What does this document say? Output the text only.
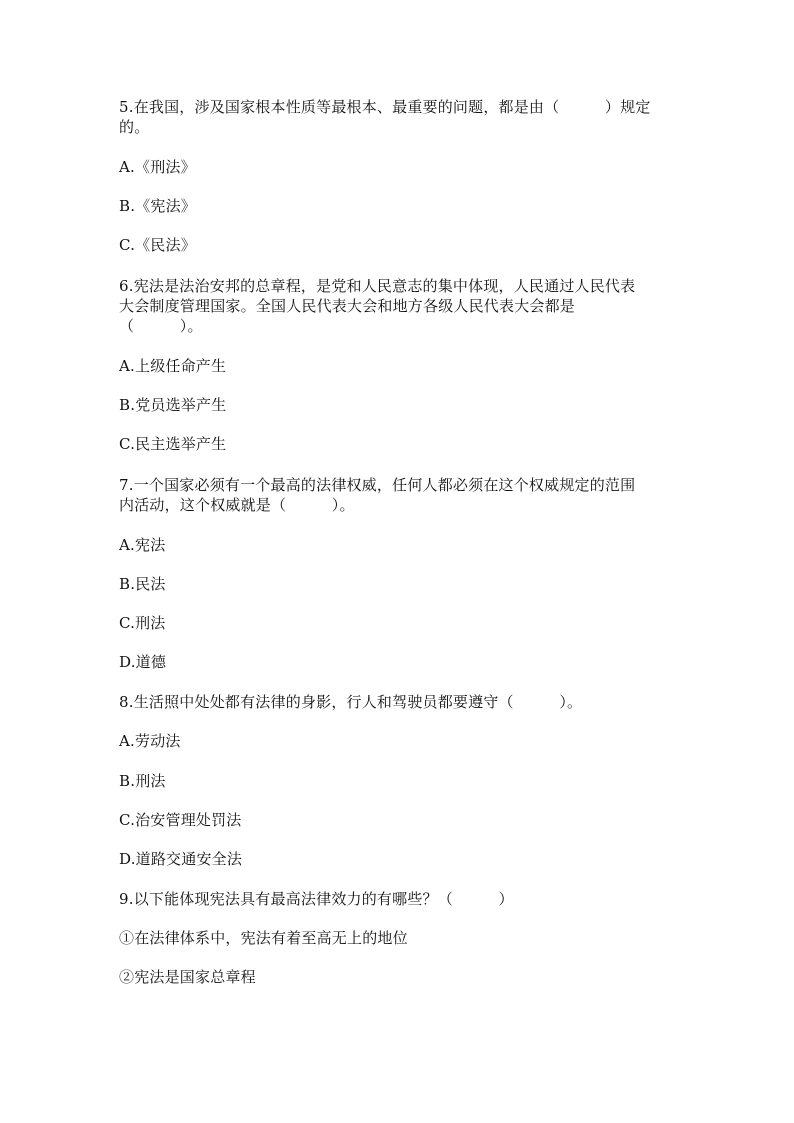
5.在我国，涉及国家根本性质等最根本、最重要的问题，都是由（　　　）规定
的。
A.《刑法》
B.《宪法》
C.《民法》
6.宪法是法治安邦的总章程，是党和人民意志的集中体现，人民通过人民代表
大会制度管理国家。全国人民代表大会和地方各级人民代表大会都是
（　　　）。
A.上级任命产生
B.党员选举产生
C.民主选举产生
7.一个国家必须有一个最高的法律权威，任何人都必须在这个权威规定的范围
内活动，这个权威就是（　　　）。
A.宪法
B.民法
C.刑法
D.道德
8.生活照中处处都有法律的身影，行人和驾驶员都要遵守（　　　）。
A.劳动法
B.刑法
C.治安管理处罚法
D.道路交通安全法
9.以下能体现宪法具有最高法律效力的有哪些？（　　　）
①在法律体系中，宪法有着至高无上的地位
②宪法是国家总章程
